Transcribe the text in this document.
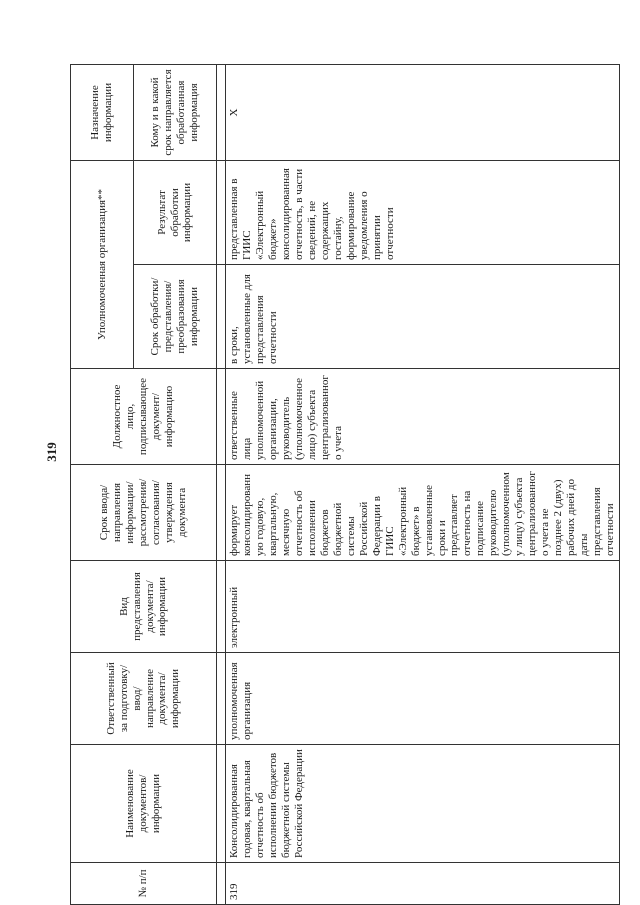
319
№ п/п	Наименование документов/информации	Ответственный за подготовку/ ввод/ направление документа/ информации	Вид представления документа/ информации	Срок ввода/ направления информации/ рассмотрения/ согласования/ утверждения документа	Должностное лицо, подписывающее документ/ информацию	Уполномоченная организация**		Назначение информации
						Срок обработки/ представления/ преобразования информации	Результат обработки информации	Кому и в какой срок направляется обработанная информация

319	Консолидированная годовая, квартальная отчетность об исполнении бюджетов бюджетной системы Российской Федерации	уполномоченная организация	электронный	формирует консолидированную годовую, квартальную, месячную отчетность об исполнении бюджетов бюджетной системы Российской Федерации в ГИИС «Электронный бюджет» в установленные сроки и представляет отчетность на подписание руководителю (уполномоченному лицу) субъекта централизованного учета не позднее 2 (двух) рабочих дней до даты представления отчетности	ответственные лица уполномоченной организации, руководитель (уполномоченное лицо) субъекта централизованного учета	в сроки, установленные для представления отчетности	представленная в ГИИС «Электронный бюджет» консолидированная отчетность, в части сведений, не содержащих гостайну, формирование уведомления о принятии отчетности	X
